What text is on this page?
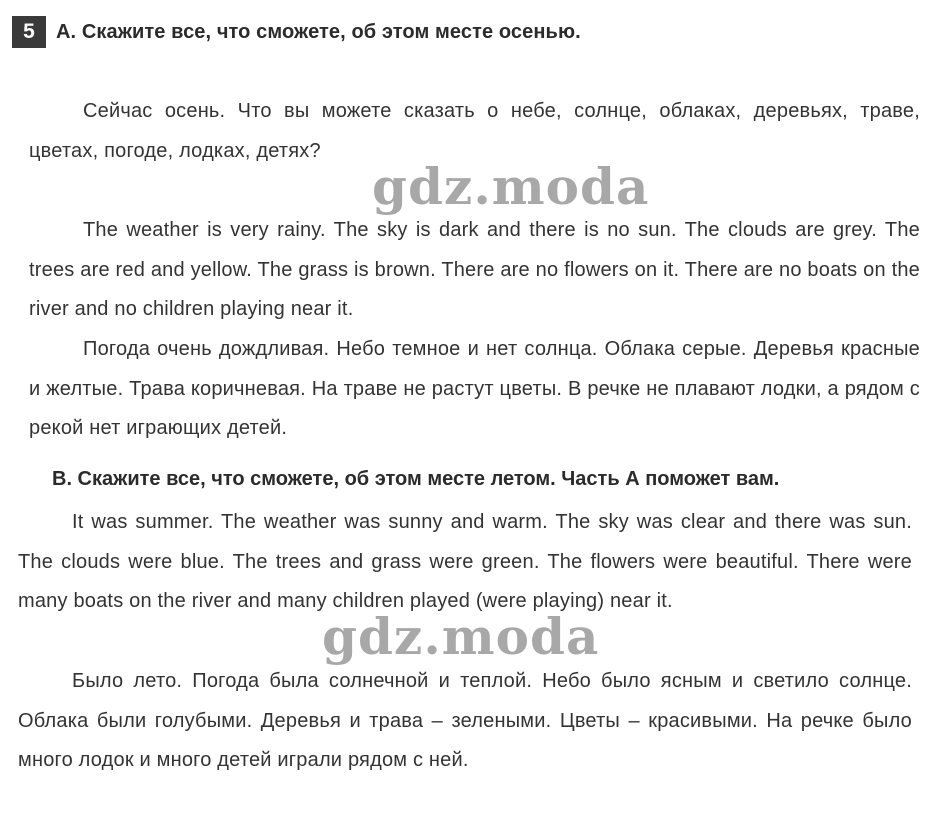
5	A. Скажите все, что сможете, об этом месте осенью.

Сейчас осень. Что вы можете сказать о небе, солнце, облаках, деревьях, траве, цветах, погоде, лодках, детях?

The weather is very rainy. The sky is dark and there is no sun. The clouds are grey. The trees are red and yellow. The grass is brown. There are no flowers on it. There are no boats on the river and no children playing near it.

Погода очень дождливая. Небо темное и нет солнца. Облака серые. Деревья красные и желтые. Трава коричневая. На траве не растут цветы. В речке не плавают лодки, а рядом с рекой нет играющих детей.

B. Скажите все, что сможете, об этом месте летом. Часть А поможет вам.

It was summer. The weather was sunny and warm. The sky was clear and there was sun. The clouds were blue. The trees and grass were green. The flowers were beautiful. There were many boats on the river and many children played (were playing) near it.

Было лето. Погода была солнечной и теплой. Небо было ясным и светило солнце. Облака были голубыми. Деревья и трава – зелеными. Цветы – красивыми. На речке было много лодок и много детей играли рядом с ней.

gdz.moda
gdz.moda
